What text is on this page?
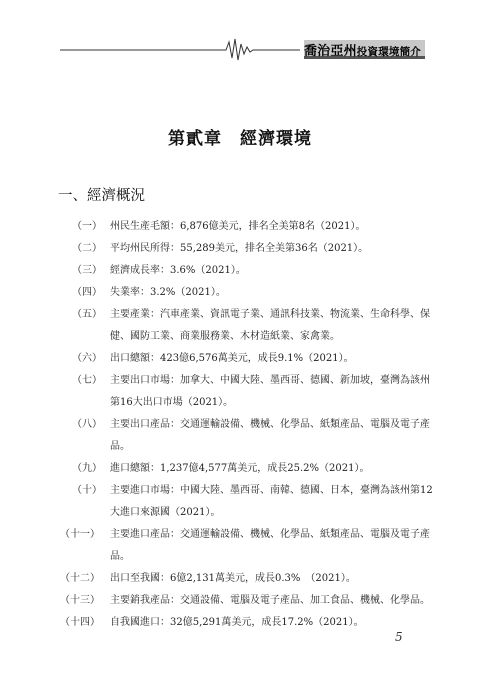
喬治亞州投資環境簡介
第貳章　經濟環境
一、經濟概況
（一） 州民生產毛額：6,876億美元，排名全美第8名（2021）。
（二） 平均州民所得：55,289美元，排名全美第36名（2021）。
（三） 經濟成長率：3.6%（2021）。
（四） 失業率：3.2%（2021）。
（五） 主要產業：汽車產業、資訊電子業、通訊科技業、物流業、生命科學、保
健、國防工業、商業服務業、木材造紙業、家禽業。
（六） 出口總額：423億6,576萬美元，成長9.1%（2021）。
（七） 主要出口市場：加拿大、中國大陸、墨西哥、德國、新加坡，臺灣為該州
第16大出口市場（2021）。
（八） 主要出口產品：交通運輸設備、機械、化學品、紙類產品、電腦及電子產
品。
（九） 進口總額：1,237億4,577萬美元，成長25.2%（2021）。
（十） 主要進口市場：中國大陸、墨西哥、南韓、德國、日本，臺灣為該州第12
大進口來源國（2021）。
（十一） 主要進口產品：交通運輸設備、機械、化學品、紙類產品、電腦及電子產
品。
（十二） 出口至我國：6億2,131萬美元，成長0.3%　（2021）。
（十三） 主要銷我產品：交通設備、電腦及電子產品、加工食品、機械、化學品。
（十四） 自我國進口：32億5,291萬美元，成長17.2%（2021）。
5
